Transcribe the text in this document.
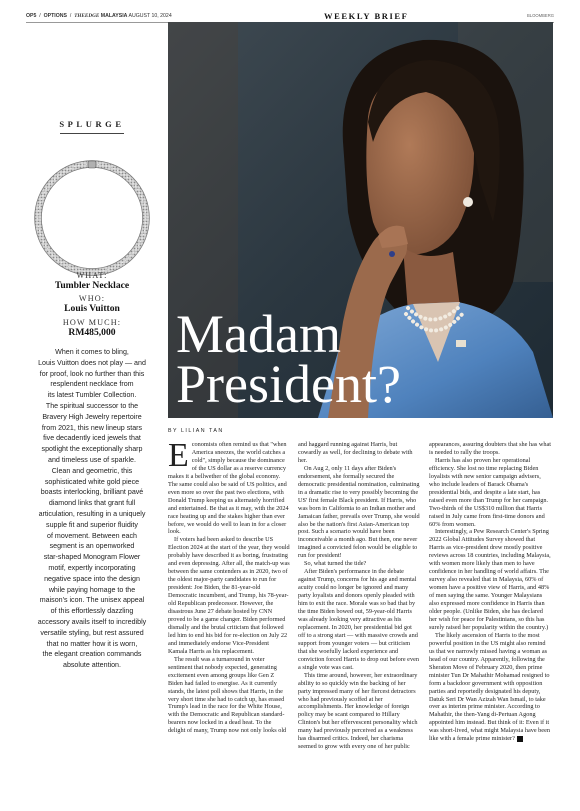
OP5  /  OPTIONS  /  THEEDGE MALAYSIA AUGUST 10, 2024	WEEKLY BRIEF	BLOOMBERG
SPLURGE
WHAT:
Tumbler Necklace
WHO:
Louis Vuitton
HOW MUCH:
RM485,000
When it comes to bling,
Louis Vuitton does not play — and
for proof, look no further than this
resplendent necklace from
its latest Tumbler Collection.
The spiritual successor to the
Bravery High Jewelry repertoire
from 2021, this new lineup stars
five decadently iced jewels that
spotlight the exceptionally sharp
and timeless use of sparkle.
Clean and geometric, this
sophisticated white gold piece
boasts interlocking, brilliant pavé
diamond links that grant full
articulation, resulting in a uniquely
supple fit and superior fluidity
of movement. Between each
segment is an openworked
star-shaped Monogram Flower
motif, expertly incorporating
negative space into the design
while paying homage to the
maison's icon. The unisex appeal
of this effortlessly dazzling
accessory avails itself to incredibly
versatile styling, but rest assured
that no matter how it is worn,
the elegant creation commands
absolute attention.
Madam
President?
BY LILIAN TAN

Economists often remind us that "when America sneezes, the world catches a cold", simply because the dominance of the US dollar as a reserve currency makes it a bellwether of the global economy. The same could also be said of US politics, and even more so over the past two elections, with Donald Trump keeping us alternately horrified and entertained. Be that as it may, with the 2024 race heating up and the stakes higher than ever before, we would do well to lean in for a closer look.

If voters had been asked to describe US Election 2024 at the start of the year, they would probably have described it as boring, frustrating and even depressing. After all, the match-up was between the same contenders as in 2020, two of the oldest major-party candidates to run for president: Joe Biden, the 81-year-old Democratic incumbent, and Trump, his 78-year-old Republican predecessor. However, the disastrous June 27 debate hosted by CNN proved to be a game changer. Biden performed dismally and the brutal criticism that followed led him to end his bid for re-election on July 22 and immediately endorse Vice-President Kamala Harris as his replacement.

The result was a turnaround in voter sentiment that nobody expected, generating excitement even among groups like Gen Z Biden had failed to energise. As it currently stands, the latest poll shows that Harris, in the very short time she had to catch up, has erased Trump's lead in the race for the White House, with the Democratic and Republican standard-bearers now locked in a dead heat. To the delight of many, Trump now not only looks old

and haggard running against Harris, but cowardly as well, for declining to debate with her.

On Aug 2, only 11 days after Biden's endorsement, she formally secured the democratic presidential nomination, culminating in a dramatic rise to very possibly becoming the US' first female Black president. If Harris, who was born in California to an Indian mother and Jamaican father, prevails over Trump, she would also be the nation's first Asian-American top post. Such a scenario would have been inconceivable a month ago. But then, one never imagined a convicted felon would be eligible to run for president!

So, what turned the tide?

After Biden's performance in the debate against Trump, concerns for his age and mental acuity could no longer be ignored and many party loyalists and donors openly pleaded with him to exit the race. Morale was so bad that by the time Biden bowed out, 59-year-old Harris was already looking very attractive as his replacement. In 2020, her presidential bid got off to a strong start — with massive crowds and support from younger voters — but criticism that she woefully lacked experience and conviction forced Harris to drop out before even a single vote was cast.

This time around, however, her extraordinary ability to so quickly win the backing of her party impressed many of her fiercest detractors who had previously scoffed at her accomplishments. Her knowledge of foreign policy may be scant compared to Hillary Clinton's but her effervescent personality which many had previously perceived as a weakness has disarmed critics. Indeed, her charisma seemed to grow with every one of her public

appearances, assuring doubters that she has what is needed to rally the troops.

Harris has also proven her operational efficiency. She lost no time replacing Biden loyalists with new senior campaign advisers, who include leaders of Barack Obama's presidential bids, and despite a late start, has raised even more than Trump for her campaign. Two-thirds of the US$310 million that Harris raised in July came from first-time donors and 60% from women.

Interestingly, a Pew Research Center's Spring 2022 Global Attitudes Survey showed that Harris as vice-president drew mostly positive reviews across 18 countries, including Malaysia, with women more likely than men to have confidence in her handling of world affairs. The survey also revealed that in Malaysia, 60% of women have a positive view of Harris, and 48% of men saying the same. Younger Malaysians also expressed more confidence in Harris than older people. (Unlike Biden, she has declared her wish for peace for Palestinians, so this has surely raised her popularity within the country.)

The likely ascension of Harris to the most powerful position in the US might also remind us that we narrowly missed having a woman as head of our country. Apparently, following the Sheraton Move of February 2020, then prime minister Tun Dr Mahathir Mohamad resigned to form a backdoor government with opposition parties and reportedly designated his deputy, Datuk Seri Dr Wan Azizah Wan Ismail, to take over as interim prime minister. According to Mahathir, the then-Yang di-Pertuan Agong appointed him instead. But think of it: Even if it was short-lived, what might Malaysia have been like with a female prime minister?
